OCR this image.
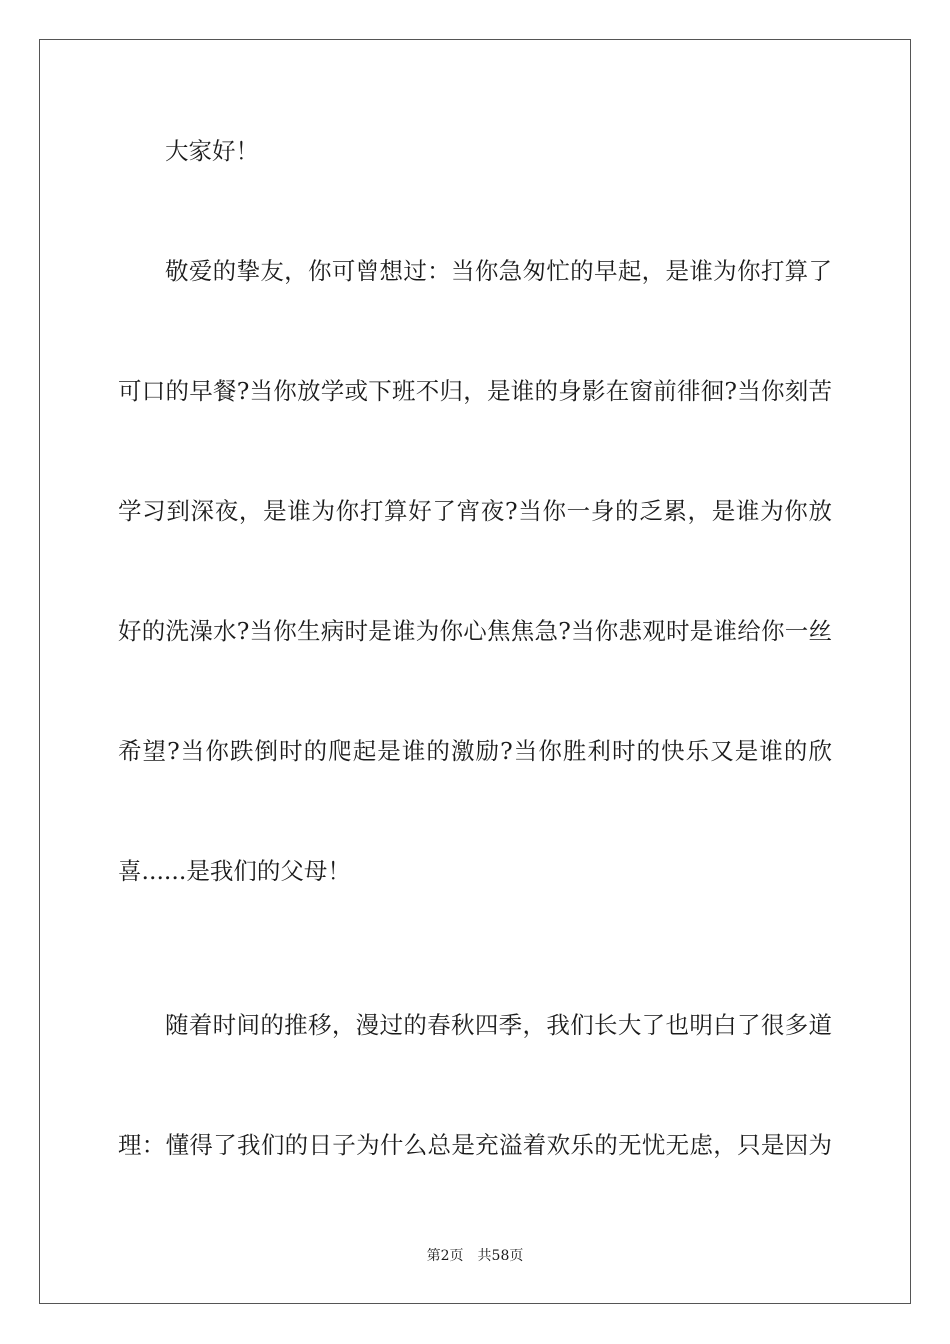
大家好！
敬爱的挚友，你可曾想过：当你急匆忙的早起，是谁为你打算了
可口的早餐?当你放学或下班不归，是谁的身影在窗前徘徊?当你刻苦
学习到深夜，是谁为你打算好了宵夜?当你一身的乏累，是谁为你放
好的洗澡水?当你生病时是谁为你心焦焦急?当你悲观时是谁给你一丝
希望?当你跌倒时的爬起是谁的激励?当你胜利时的快乐又是谁的欣
喜......是我们的父母！
随着时间的推移，漫过的春秋四季，我们长大了也明白了很多道
理：懂得了我们的日子为什么总是充溢着欢乐的无忧无虑，只是因为
第2页 共58页
